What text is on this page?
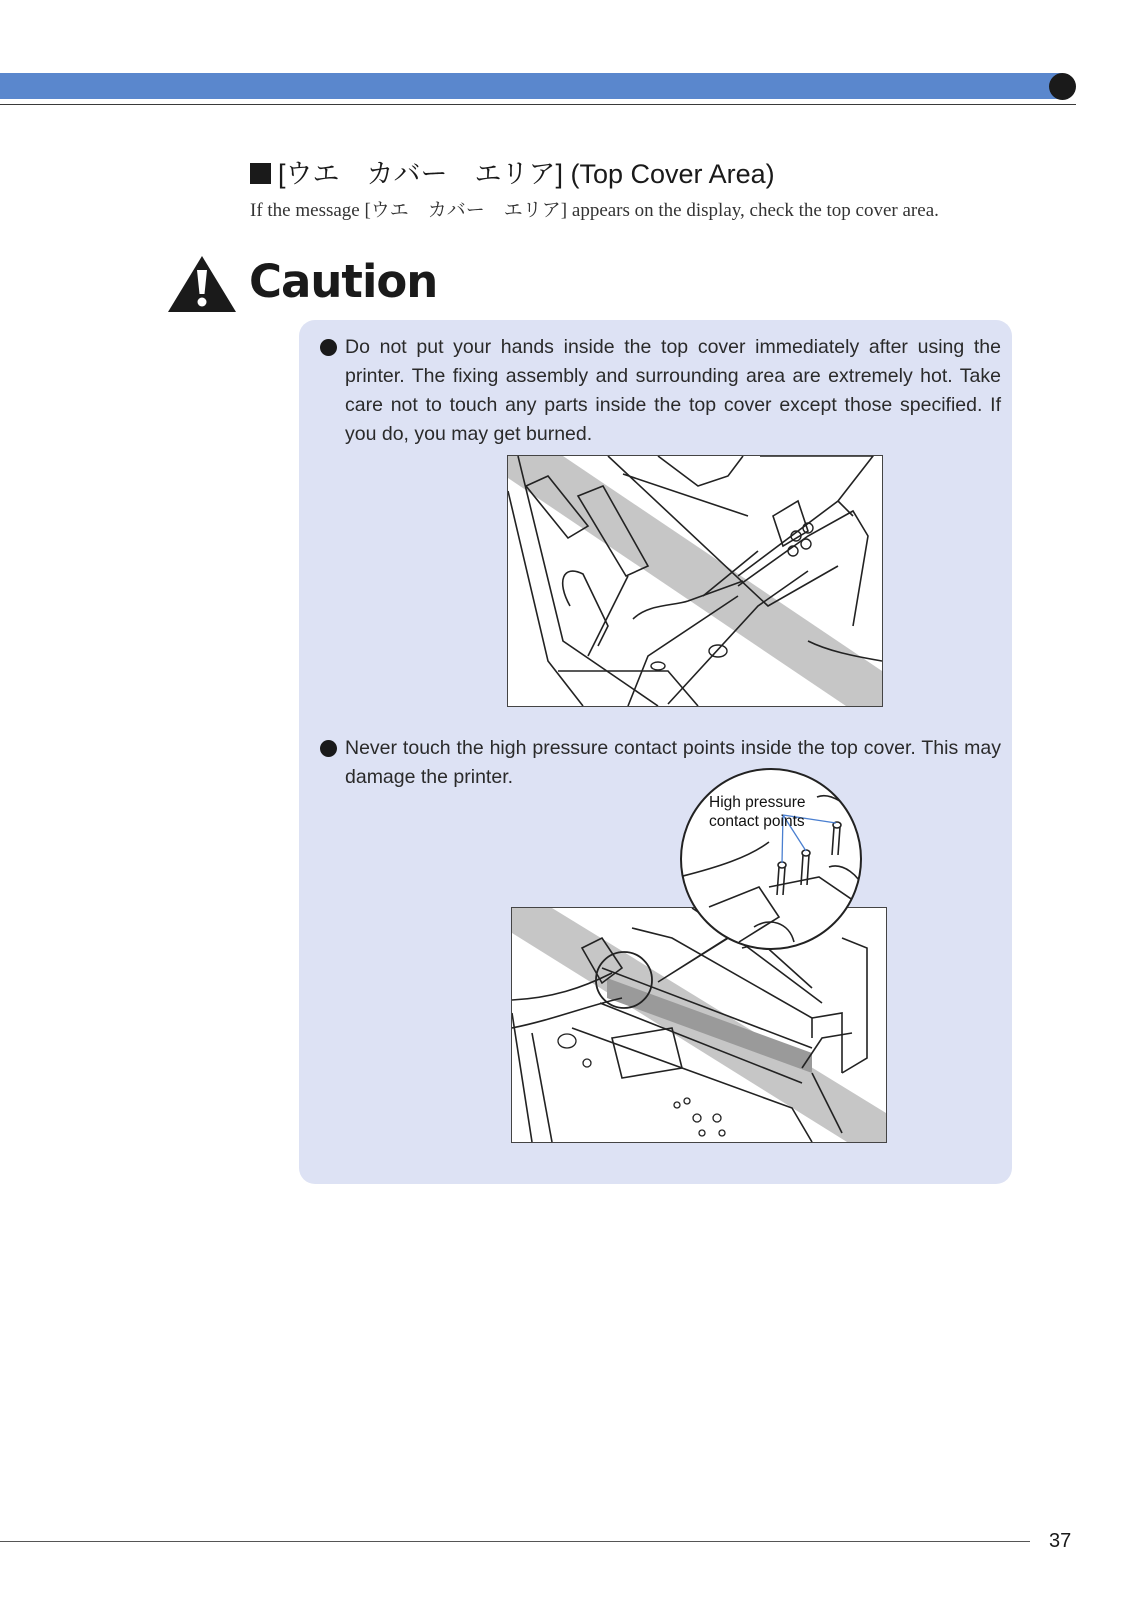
[ウエ　カバー　エリア] (Top Cover Area)
If the message [ウエ　カバー　エリア] appears on the display, check the top cover area.
Caution

Do not put your hands inside the top cover immediately after using the printer. The fixing assembly and surrounding area are extremely hot. Take care not to touch any parts inside the top cover except those specified. If you do, you may get burned.

Never touch the high pressure contact points inside the top cover. This may damage the printer.

High pressure
contact points
37
